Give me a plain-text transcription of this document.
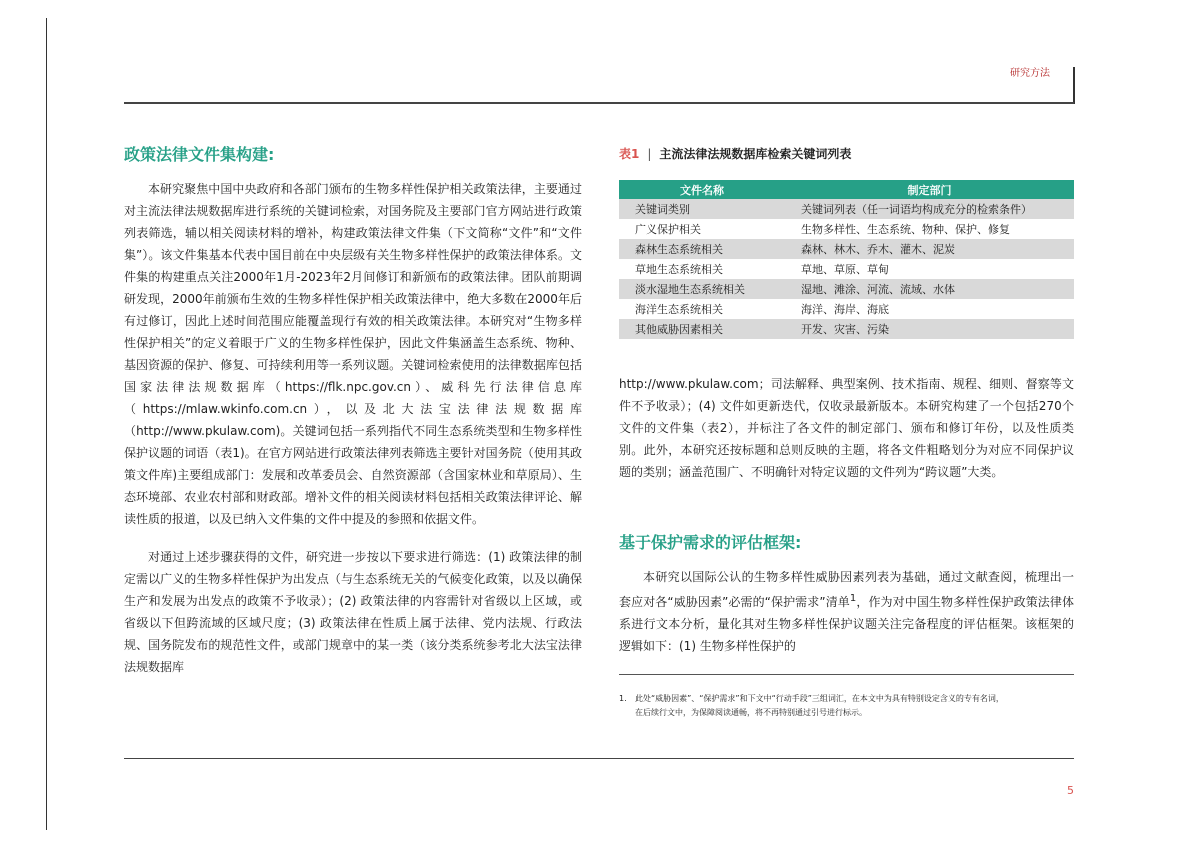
研究方法
政策法律文件集构建:

本研究聚焦中国中央政府和各部门颁布的生物多样性保护相关政策法律，主要通过对主流法律法规数据库进行系统的关键词检索，对国务院及主要部门官方网站进行政策列表筛选，辅以相关阅读材料的增补，构建政策法律文件集（下文简称“文件”和“文件集”）。该文件集基本代表中国目前在中央层级有关生物多样性保护的政策法律体系。文件集的构建重点关注2000年1月-2023年2月间修订和新颁布的政策法律。团队前期调研发现，2000年前颁布生效的生物多样性保护相关政策法律中，绝大多数在2000年后有过修订，因此上述时间范围应能覆盖现行有效的相关政策法律。本研究对“生物多样性保护相关”的定义着眼于广义的生物多样性保护，因此文件集涵盖生态系统、物种、基因资源的保护、修复、可持续利用等一系列议题。关键词检索使用的法律数据库包括国家法律法规数据库（https://flk.npc.gov.cn）、威科先行法律信息库（https://mlaw.wkinfo.com.cn），以及北大法宝法律法规数据库（http://www.pkulaw.com)。关键词包括一系列指代不同生态系统类型和生物多样性保护议题的词语（表1)。在官方网站进行政策法律列表筛选主要针对国务院（使用其政策文件库)主要组成部门：发展和改革委员会、自然资源部（含国家林业和草原局）、生态环境部、农业农村部和财政部。增补文件的相关阅读材料包括相关政策法律评论、解读性质的报道，以及已纳入文件集的文件中提及的参照和依据文件。

对通过上述步骤获得的文件，研究进一步按以下要求进行筛选：(1) 政策法律的制定需以广义的生物多样性保护为出发点（与生态系统无关的气候变化政策，以及以确保生产和发展为出发点的政策不予收录）；(2) 政策法律的内容需针对省级以上区域，或省级以下但跨流域的区域尺度；(3) 政策法律在性质上属于法律、党内法规、行政法规、国务院发布的规范性文件，或部门规章中的某一类（该分类系统参考北大法宝法律法规数据库

表1 | 主流法律法规数据库检索关键词列表
文件名称	制定部门
关键词类别	关键词列表（任一词语均构成充分的检索条件）
广义保护相关	生物多样性、生态系统、物种、保护、修复
森林生态系统相关	森林、林木、乔木、灌木、泥炭
草地生态系统相关	草地、草原、草甸
淡水湿地生态系统相关	湿地、滩涂、河流、流域、水体
海洋生态系统相关	海洋、海岸、海底
其他威胁因素相关	开发、灾害、污染

http://www.pkulaw.com；司法解释、典型案例、技术指南、规程、细则、督察等文件不予收录）；(4) 文件如更新迭代，仅收录最新版本。本研究构建了一个包括270个文件的文件集（表2），并标注了各文件的制定部门、颁布和修订年份，以及性质类别。此外，本研究还按标题和总则反映的主题，将各文件粗略划分为对应不同保护议题的类别；涵盖范围广、不明确针对特定议题的文件列为“跨议题”大类。

基于保护需求的评估框架:

本研究以国际公认的生物多样性威胁因素列表为基础，通过文献查阅，梳理出一套应对各“威胁因素”必需的“保护需求”清单$^1$，作为对中国生物多样性保护政策法律体系进行文本分析，量化其对生物多样性保护议题关注完备程度的评估框架。该框架的逻辑如下：(1) 生物多样性保护的

1. 此处“威胁因素”、“保护需求”和下文中“行动手段”三组词汇，在本文中为具有特别设定含义的专有名词，
在后续行文中，为保障阅读通畅，将不再特别通过引号进行标示。
5
